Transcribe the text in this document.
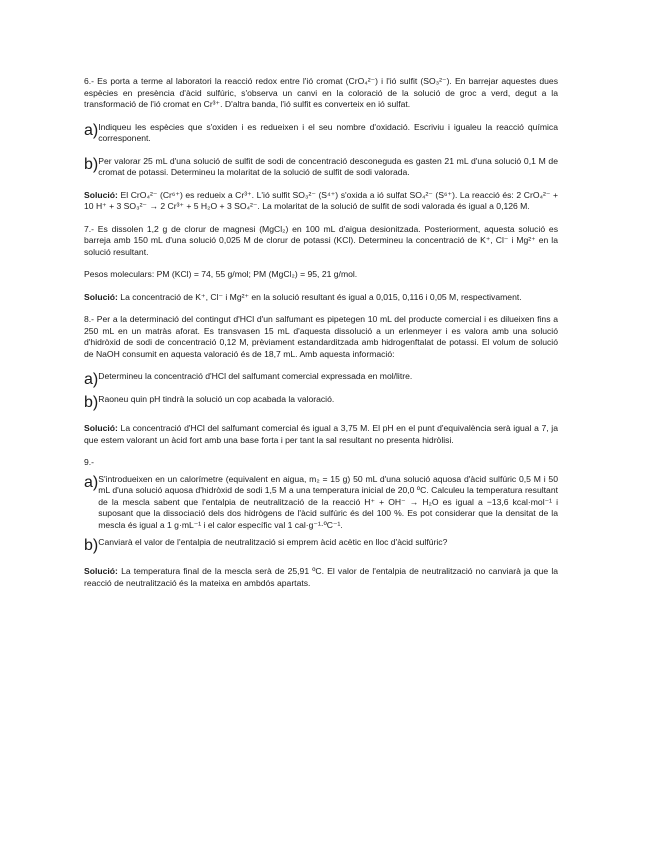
6.- Es porta a terme al laboratori la reacció redox entre l'ió cromat (CrO₄²⁻) i l'ió sulfit (SO₃²⁻). En barrejar aquestes dues espècies en presència d'àcid sulfúric, s'observa un canvi en la coloració de la solució de groc a verd, degut a la transformació de l'ió cromat en Cr³⁺. D'altra banda, l'ió sulfit es converteix en ió sulfat.

a) Indiqueu les espècies que s'oxiden i es redueixen i el seu nombre d'oxidació. Escriviu i igualeu la reacció química corresponent.

b) Per valorar 25 mL d'una solució de sulfit de sodi de concentració desconeguda es gasten 21 mL d'una solució 0,1 M de cromat de potassi. Determineu la molaritat de la solució de sulfit de sodi valorada.

Solució: El CrO₄²⁻ (Cr⁶⁺) es redueix a Cr³⁺. L'ió sulfit SO₃²⁻ (S⁴⁺) s'oxida a ió sulfat SO₄²⁻ (S⁶⁺). La reacció és: 2 CrO₄²⁻ + 10 H⁺ + 3 SO₃²⁻ → 2 Cr³⁺ + 5 H₂O + 3 SO₄²⁻. La molaritat de la solució de sulfit de sodi valorada és igual a 0,126 M.

7.- Es dissolen 1,2 g de clorur de magnesi (MgCl₂) en 100 mL d'aigua desionitzada. Posteriorment, aquesta solució es barreja amb 150 mL d'una solució 0,025 M de clorur de potassi (KCl). Determineu la concentració de K⁺, Cl⁻ i Mg²⁺ en la solució resultant.

Pesos moleculars: PM (KCl) = 74, 55 g/mol; PM (MgCl₂) = 95, 21 g/mol.

Solució: La concentració de K⁺, Cl⁻ i Mg²⁺ en la solució resultant és igual a 0,015, 0,116 i 0,05 M, respectivament.

8.- Per a la determinació del contingut d'HCl d'un salfumant es pipetegen 10 mL del producte comercial i es dilueixen fins a 250 mL en un matràs aforat. Es transvasen 15 mL d'aquesta dissolució a un erlenmeyer i es valora amb una solució d'hidròxid de sodi de concentració 0,12 M, prèviament estandarditzada amb hidrogenftalat de potassi. El volum de solució de NaOH consumit en aquesta valoració és de 18,7 mL. Amb aquesta informació:

a) Determineu la concentració d'HCl del salfumant comercial expressada en mol/litre.

b) Raoneu quin pH tindrà la solució un cop acabada la valoració.

Solució: La concentració d'HCl del salfumant comercial és igual a 3,75 M. El pH en el punt d'equivalència serà igual a 7, ja que estem valorant un àcid fort amb una base forta i per tant la sal resultant no presenta hidròlisi.

9.-

a) S'introdueixen en un calorímetre (equivalent en aigua, m₂ = 15 g) 50 mL d'una solució aquosa d'àcid sulfúric 0,5 M i 50 mL d'una solució aquosa d'hidròxid de sodi 1,5 M a una temperatura inicial de 20,0 ºC. Calculeu la temperatura resultant de la mescla sabent que l'entalpia de neutralització de la reacció H⁺ + OH⁻ → H₂O es igual a −13,6 kcal·mol⁻¹ i suposant que la dissociació dels dos hidrògens de l'àcid sulfúric és del 100 %. Es pot considerar que la densitat de la mescla és igual a 1 g·mL⁻¹ i el calor específic val 1 cal·g⁻¹·ºC⁻¹.

b) Canviarà el valor de l'entalpia de neutralització si emprem àcid acètic en lloc d'àcid sulfúric?

Solució: La temperatura final de la mescla serà de 25,91 ºC. El valor de l'entalpia de neutralització no canviarà ja que la reacció de neutralització és la mateixa en ambdós apartats.
